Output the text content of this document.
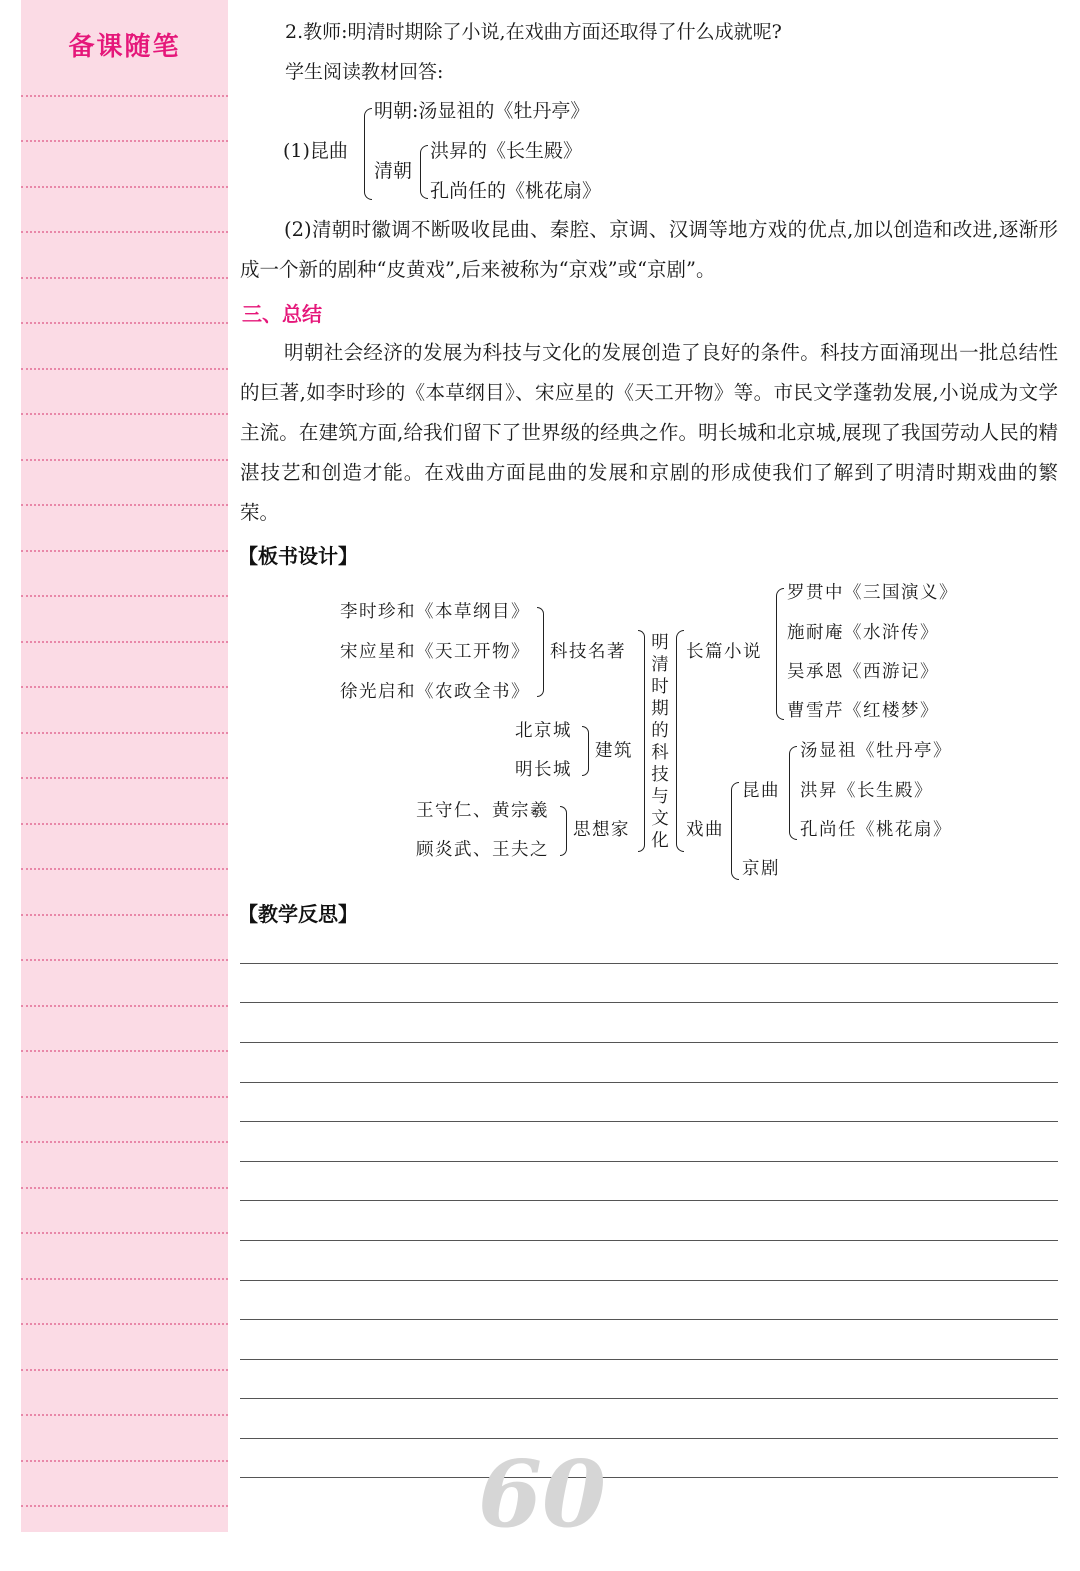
备课随笔	2.教师:明清时期除了小说,在戏曲方面还取得了什么成就呢?
学生阅读教材回答:
(1)昆曲
明朝:汤显祖的《牡丹亭》
清朝
洪昇的《长生殿》
孔尚任的《桃花扇》
(2)清朝时徽调不断吸收昆曲、秦腔、京调、汉调等地方戏的优点,加以创造和改进,逐渐形成一个新的剧种“皮黄戏”,后来被称为“京戏”或“京剧”。
三、总结
明朝社会经济的发展为科技与文化的发展创造了良好的条件。科技方面涌现出一批总结性的巨著,如李时珍的《本草纲目》、宋应星的《天工开物》等。市民文学蓬勃发展,小说成为文学主流。在建筑方面,给我们留下了世界级的经典之作。明长城和北京城,展现了我国劳动人民的精湛技艺和创造才能。在戏曲方面昆曲的发展和京剧的形成使我们了解到了明清时期戏曲的繁荣。
【板书设计】
李时珍和《本草纲目》
宋应星和《天工开物》
徐光启和《农政全书》
科技名著
北京城
明长城
建筑
王守仁、黄宗羲
顾炎武、王夫之
思想家
明清时期的科技与文化
长篇小说
罗贯中《三国演义》
施耐庵《水浒传》
吴承恩《西游记》
曹雪芹《红楼梦》
戏曲
昆曲
京剧
汤显祖《牡丹亭》
洪昇《长生殿》
孔尚任《桃花扇》
【教学反思】
60
